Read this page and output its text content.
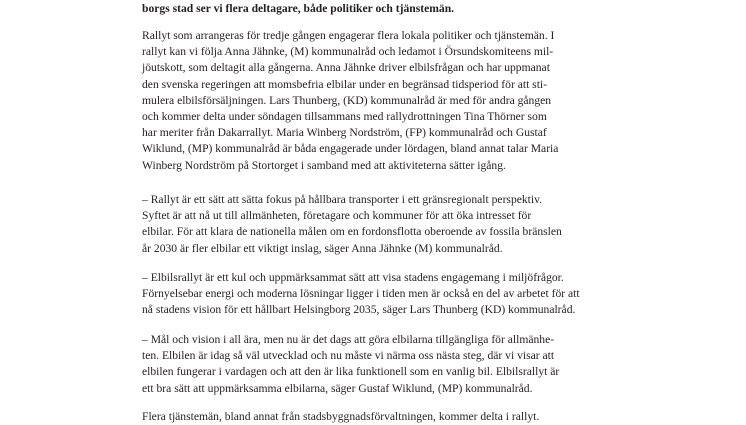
borgs stad ser vi flera deltagare, både politiker och tjänstemän.
Rallyt som arrangeras för tredje gången engagerar flera lokala politiker och tjänstemän. I
rallyt kan vi följa Anna Jähnke, (M) kommunalråd och ledamot i Örsundskomiteens mil-
jöutskott, som deltagit alla gångerna. Anna Jähnke driver elbilsfrågan och har uppmanat
den svenska regeringen att momsbefria elbilar under en begränsad tidsperiod för att sti-
mulera elbilsförsäljningen. Lars Thunberg, (KD) kommunalråd är med för andra gången
och kommer delta under söndagen tillsammans med rallydrottningen Tina Thörner som
har meriter från Dakarrallyt. Maria Winberg Nordström, (FP) kommunalråd och Gustaf
Wiklund, (MP) kommunalråd är båda engagerade under lördagen, bland annat talar Maria
Winberg Nordström på Stortorget i samband med att aktiviteterna sätter igång.
– Rallyt är ett sätt att sätta fokus på hållbara transporter i ett gränsregionalt perspektiv.
Syftet är att nå ut till allmänheten, företagare och kommuner för att öka intresset för
elbilar. För att klara de nationella målen om en fordonsflotta oberoende av fossila bränslen
år 2030 är fler elbilar ett viktigt inslag, säger Anna Jähnke (M) kommunalråd.
– Elbilsrallyt är ett kul och uppmärksammat sätt att visa stadens engagemang i miljöfrågor.
Förnyelsebar energi och moderna lösningar ligger i tiden men är också en del av arbetet för att
nå stadens vision för ett hållbart Helsingborg 2035, säger Lars Thunberg (KD) kommunalråd.
– Mål och vision i all ära, men nu är det dags att göra elbilarna tillgängliga för allmänhe-
ten. Elbilen är idag så väl utvecklad och nu måste vi närma oss nästa steg, där vi visar att
elbilen fungerar i vardagen och att den är lika funktionell som en vanlig bil. Elbilsrallyt är
ett bra sätt att uppmärksamma elbilarna, säger Gustaf Wiklund, (MP) kommunalråd.
Flera tjänstemän, bland annat från stadsbyggnadsförvaltningen, kommer delta i rallyt.
